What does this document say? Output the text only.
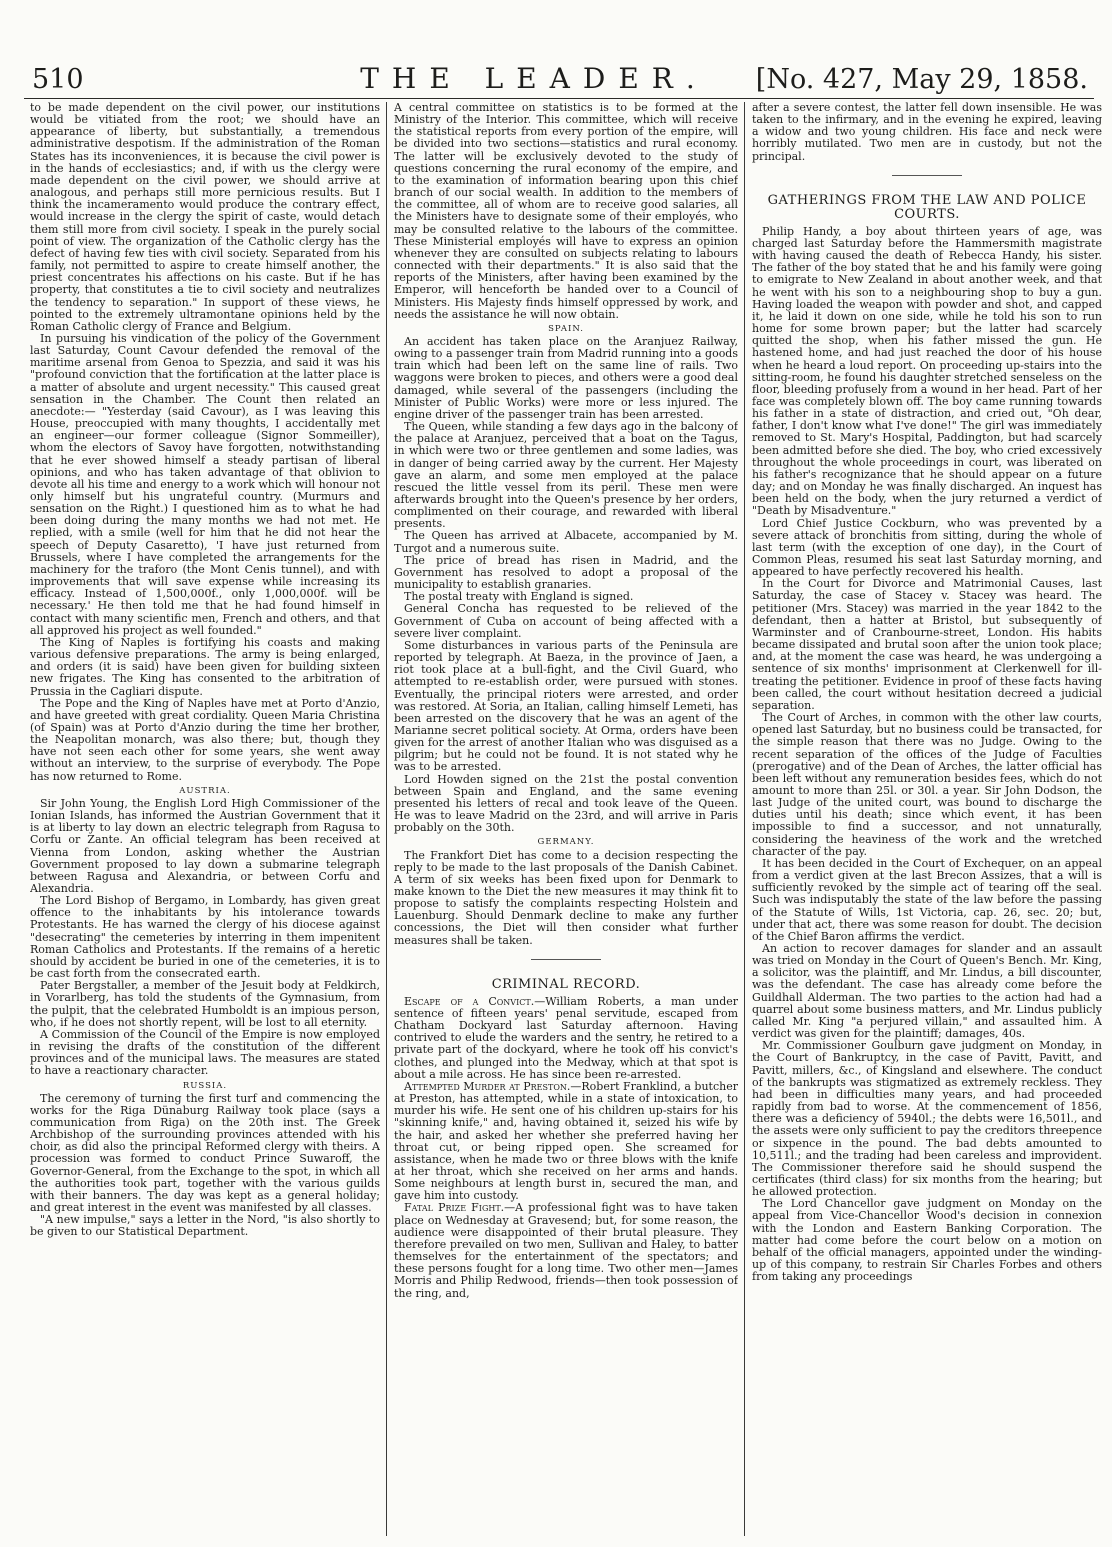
510	THE LEADER.	[No. 427, May 29, 1858.

to be made dependent on the civil power, our institutions would be vitiated from the root; we should have an appearance of liberty, but substantially, a tremendous administrative despotism. If the administration of the Roman States has its inconveniences, it is because the civil power is in the hands of ecclesiastics; and, if with us the clergy were made dependent on the civil power, we should arrive at analogous, and perhaps still more pernicious results. But I think the incameramento would produce the contrary effect, would increase in the clergy the spirit of caste, would detach them still more from civil society. I speak in the purely social point of view. The organization of the Catholic clergy has the defect of having few ties with civil society. Separated from his family, not permitted to aspire to create himself another, the priest concentrates his affections on his caste. But if he has property, that constitutes a tie to civil society and neutralizes the tendency to separation." In support of these views, he pointed to the extremely ultramontane opinions held by the Roman Catholic clergy of France and Belgium.

In pursuing his vindication of the policy of the Government last Saturday, Count Cavour defended the removal of the maritime arsenal from Genoa to Spezzia, and said it was his "profound conviction that the fortification at the latter place is a matter of absolute and urgent necessity." This caused great sensation in the Chamber. The Count then related an anecdote:— "Yesterday (said Cavour), as I was leaving this House, preoccupied with many thoughts, I accidentally met an engineer—our former colleague (Signor Sommeiller), whom the electors of Savoy have forgotten, notwithstanding that he ever showed himself a steady partisan of liberal opinions, and who has taken advantage of that oblivion to devote all his time and energy to a work which will honour not only himself but his ungrateful country. (Murmurs and sensation on the Right.) I questioned him as to what he had been doing during the many months we had not met. He replied, with a smile (well for him that he did not hear the speech of Deputy Casaretto), 'I have just returned from Brussels, where I have completed the arrangements for the machinery for the traforo (the Mont Cenis tunnel), and with improvements that will save expense while increasing its efficacy. Instead of 1,500,000f., only 1,000,000f. will be necessary.' He then told me that he had found himself in contact with many scientific men, French and others, and that all approved his project as well founded."

The King of Naples is fortifying his coasts and making various defensive preparations. The army is being enlarged, and orders (it is said) have been given for building sixteen new frigates. The King has consented to the arbitration of Prussia in the Cagliari dispute.

The Pope and the King of Naples have met at Porto d'Anzio, and have greeted with great cordiality. Queen Maria Christina (of Spain) was at Porto d'Anzio during the time her brother, the Neapolitan monarch, was also there; but, though they have not seen each other for some years, she went away without an interview, to the surprise of everybody. The Pope has now returned to Rome.

AUSTRIA.

Sir John Young, the English Lord High Commissioner of the Ionian Islands, has informed the Austrian Government that it is at liberty to lay down an electric telegraph from Ragusa to Corfu or Zante. An official telegram has been received at Vienna from London, asking whether the Austrian Government proposed to lay down a submarine telegraph between Ragusa and Alexandria, or between Corfu and Alexandria.

The Lord Bishop of Bergamo, in Lombardy, has given great offence to the inhabitants by his intolerance towards Protestants. He has warned the clergy of his diocese against "desecrating" the cemeteries by interring in them impenitent Roman Catholics and Protestants. If the remains of a heretic should by accident be buried in one of the cemeteries, it is to be cast forth from the consecrated earth.

Pater Bergstaller, a member of the Jesuit body at Feldkirch, in Vorarlberg, has told the students of the Gymnasium, from the pulpit, that the celebrated Humboldt is an impious person, who, if he does not shortly repent, will be lost to all eternity.

A Commission of the Council of the Empire is now employed in revising the drafts of the constitution of the different provinces and of the municipal laws. The measures are stated to have a reactionary character.

RUSSIA.

The ceremony of turning the first turf and commencing the works for the Riga Dünaburg Railway took place (says a communication from Riga) on the 20th inst. The Greek Archbishop of the surrounding provinces attended with his choir, as did also the principal Reformed clergy with theirs. A procession was formed to conduct Prince Suwaroff, the Governor-General, from the Exchange to the spot, in which all the authorities took part, together with the various guilds with their banners. The day was kept as a general holiday; and great interest in the event was manifested by all classes.

"A new impulse," says a letter in the Nord, "is also shortly to be given to our Statistical Department.

A central committee on statistics is to be formed at the Ministry of the Interior. This committee, which will receive the statistical reports from every portion of the empire, will be divided into two sections—statistics and rural economy. The latter will be exclusively devoted to the study of questions concerning the rural economy of the empire, and to the examination of information bearing upon this chief branch of our social wealth. In addition to the members of the committee, all of whom are to receive good salaries, all the Ministers have to designate some of their employés, who may be consulted relative to the labours of the committee. These Ministerial employés will have to express an opinion whenever they are consulted on subjects relating to labours connected with their departments." It is also said that the reports of the Ministers, after having been examined by the Emperor, will henceforth be handed over to a Council of Ministers. His Majesty finds himself oppressed by work, and needs the assistance he will now obtain.

SPAIN.

An accident has taken place on the Aranjuez Railway, owing to a passenger train from Madrid running into a goods train which had been left on the same line of rails. Two waggons were broken to pieces, and others were a good deal damaged, while several of the passengers (including the Minister of Public Works) were more or less injured. The engine driver of the passenger train has been arrested.

The Queen, while standing a few days ago in the balcony of the palace at Aranjuez, perceived that a boat on the Tagus, in which were two or three gentlemen and some ladies, was in danger of being carried away by the current. Her Majesty gave an alarm, and some men employed at the palace rescued the little vessel from its peril. These men were afterwards brought into the Queen's presence by her orders, complimented on their courage, and rewarded with liberal presents.

The Queen has arrived at Albacete, accompanied by M. Turgot and a numerous suite.

The price of bread has risen in Madrid, and the Government has resolved to adopt a proposal of the municipality to establish granaries.

The postal treaty with England is signed.

General Concha has requested to be relieved of the Government of Cuba on account of being affected with a severe liver complaint.

Some disturbances in various parts of the Peninsula are reported by telegraph. At Baeza, in the province of Jaen, a riot took place at a bull-fight, and the Civil Guard, who attempted to re-establish order, were pursued with stones. Eventually, the principal rioters were arrested, and order was restored. At Soria, an Italian, calling himself Lemeti, has been arrested on the discovery that he was an agent of the Marianne secret political society. At Orma, orders have been given for the arrest of another Italian who was disguised as a pilgrim; but he could not be found. It is not stated why he was to be arrested.

Lord Howden signed on the 21st the postal convention between Spain and England, and the same evening presented his letters of recal and took leave of the Queen. He was to leave Madrid on the 23rd, and will arrive in Paris probably on the 30th.

GERMANY.

The Frankfort Diet has come to a decision respecting the reply to be made to the last proposals of the Danish Cabinet. A term of six weeks has been fixed upon for Denmark to make known to the Diet the new measures it may think fit to propose to satisfy the complaints respecting Holstein and Lauenburg. Should Denmark decline to make any further concessions, the Diet will then consider what further measures shall be taken.

CRIMINAL RECORD.

Escape of a Convict.—William Roberts, a man under sentence of fifteen years' penal servitude, escaped from Chatham Dockyard last Saturday afternoon. Having contrived to elude the warders and the sentry, he retired to a private part of the dockyard, where he took off his convict's clothes, and plunged into the Medway, which at that spot is about a mile across. He has since been re-arrested.

Attempted Murder at Preston.—Robert Franklind, a butcher at Preston, has attempted, while in a state of intoxication, to murder his wife. He sent one of his children up-stairs for his "skinning knife," and, having obtained it, seized his wife by the hair, and asked her whether she preferred having her throat cut, or being ripped open. She screamed for assistance, when he made two or three blows with the knife at her throat, which she received on her arms and hands. Some neighbours at length burst in, secured the man, and gave him into custody.

Fatal Prize Fight.—A professional fight was to have taken place on Wednesday at Gravesend; but, for some reason, the audience were disappointed of their brutal pleasure. They therefore prevailed on two men, Sullivan and Haley, to batter themselves for the entertainment of the spectators; and these persons fought for a long time. Two other men—James Morris and Philip Redwood, friends—then took possession of the ring, and,

after a severe contest, the latter fell down insensible. He was taken to the infirmary, and in the evening he expired, leaving a widow and two young children. His face and neck were horribly mutilated. Two men are in custody, but not the principal.

GATHERINGS FROM THE LAW AND POLICE COURTS.

Philip Handy, a boy about thirteen years of age, was charged last Saturday before the Hammersmith magistrate with having caused the death of Rebecca Handy, his sister. The father of the boy stated that he and his family were going to emigrate to New Zealand in about another week, and that he went with his son to a neighbouring shop to buy a gun. Having loaded the weapon with powder and shot, and capped it, he laid it down on one side, while he told his son to run home for some brown paper; but the latter had scarcely quitted the shop, when his father missed the gun. He hastened home, and had just reached the door of his house when he heard a loud report. On proceeding up-stairs into the sitting-room, he found his daughter stretched senseless on the floor, bleeding profusely from a wound in her head. Part of her face was completely blown off. The boy came running towards his father in a state of distraction, and cried out, "Oh dear, father, I don't know what I've done!" The girl was immediately removed to St. Mary's Hospital, Paddington, but had scarcely been admitted before she died. The boy, who cried excessively throughout the whole proceedings in court, was liberated on his father's recognizance that he should appear on a future day; and on Monday he was finally discharged. An inquest has been held on the body, when the jury returned a verdict of "Death by Misadventure."

Lord Chief Justice Cockburn, who was prevented by a severe attack of bronchitis from sitting, during the whole of last term (with the exception of one day), in the Court of Common Pleas, resumed his seat last Saturday morning, and appeared to have perfectly recovered his health.

In the Court for Divorce and Matrimonial Causes, last Saturday, the case of Stacey v. Stacey was heard. The petitioner (Mrs. Stacey) was married in the year 1842 to the defendant, then a hatter at Bristol, but subsequently of Warminster and of Cranbourne-street, London. His habits became dissipated and brutal soon after the union took place; and, at the moment the case was heard, he was undergoing a sentence of six months' imprisonment at Clerkenwell for ill-treating the petitioner. Evidence in proof of these facts having been called, the court without hesitation decreed a judicial separation.

The Court of Arches, in common with the other law courts, opened last Saturday, but no business could be transacted, for the simple reason that there was no Judge. Owing to the recent separation of the offices of the Judge of Faculties (prerogative) and of the Dean of Arches, the latter official has been left without any remuneration besides fees, which do not amount to more than 25l. or 30l. a year. Sir John Dodson, the last Judge of the united court, was bound to discharge the duties until his death; since which event, it has been impossible to find a successor, and not unnaturally, considering the heaviness of the work and the wretched character of the pay.

It has been decided in the Court of Exchequer, on an appeal from a verdict given at the last Brecon Assizes, that a will is sufficiently revoked by the simple act of tearing off the seal. Such was indisputably the state of the law before the passing of the Statute of Wills, 1st Victoria, cap. 26, sec. 20; but, under that act, there was some reason for doubt. The decision of the Chief Baron affirms the verdict.

An action to recover damages for slander and an assault was tried on Monday in the Court of Queen's Bench. Mr. King, a solicitor, was the plaintiff, and Mr. Lindus, a bill discounter, was the defendant. The case has already come before the Guildhall Alderman. The two parties to the action had had a quarrel about some business matters, and Mr. Lindus publicly called Mr. King "a perjured villain," and assaulted him. A verdict was given for the plaintiff; damages, 40s.

Mr. Commissioner Goulburn gave judgment on Monday, in the Court of Bankruptcy, in the case of Pavitt, Pavitt, and Pavitt, millers, &c., of Kingsland and elsewhere. The conduct of the bankrupts was stigmatized as extremely reckless. They had been in difficulties many years, and had proceeded rapidly from bad to worse. At the commencement of 1856, there was a deficiency of 5940l.; the debts were 16,501l., and the assets were only sufficient to pay the creditors threepence or sixpence in the pound. The bad debts amounted to 10,511l.; and the trading had been careless and improvident. The Commissioner therefore said he should suspend the certificates (third class) for six months from the hearing; but he allowed protection.

The Lord Chancellor gave judgment on Monday on the appeal from Vice-Chancellor Wood's decision in connexion with the London and Eastern Banking Corporation. The matter had come before the court below on a motion on behalf of the official managers, appointed under the winding-up of this company, to restrain Sir Charles Forbes and others from taking any proceedings
